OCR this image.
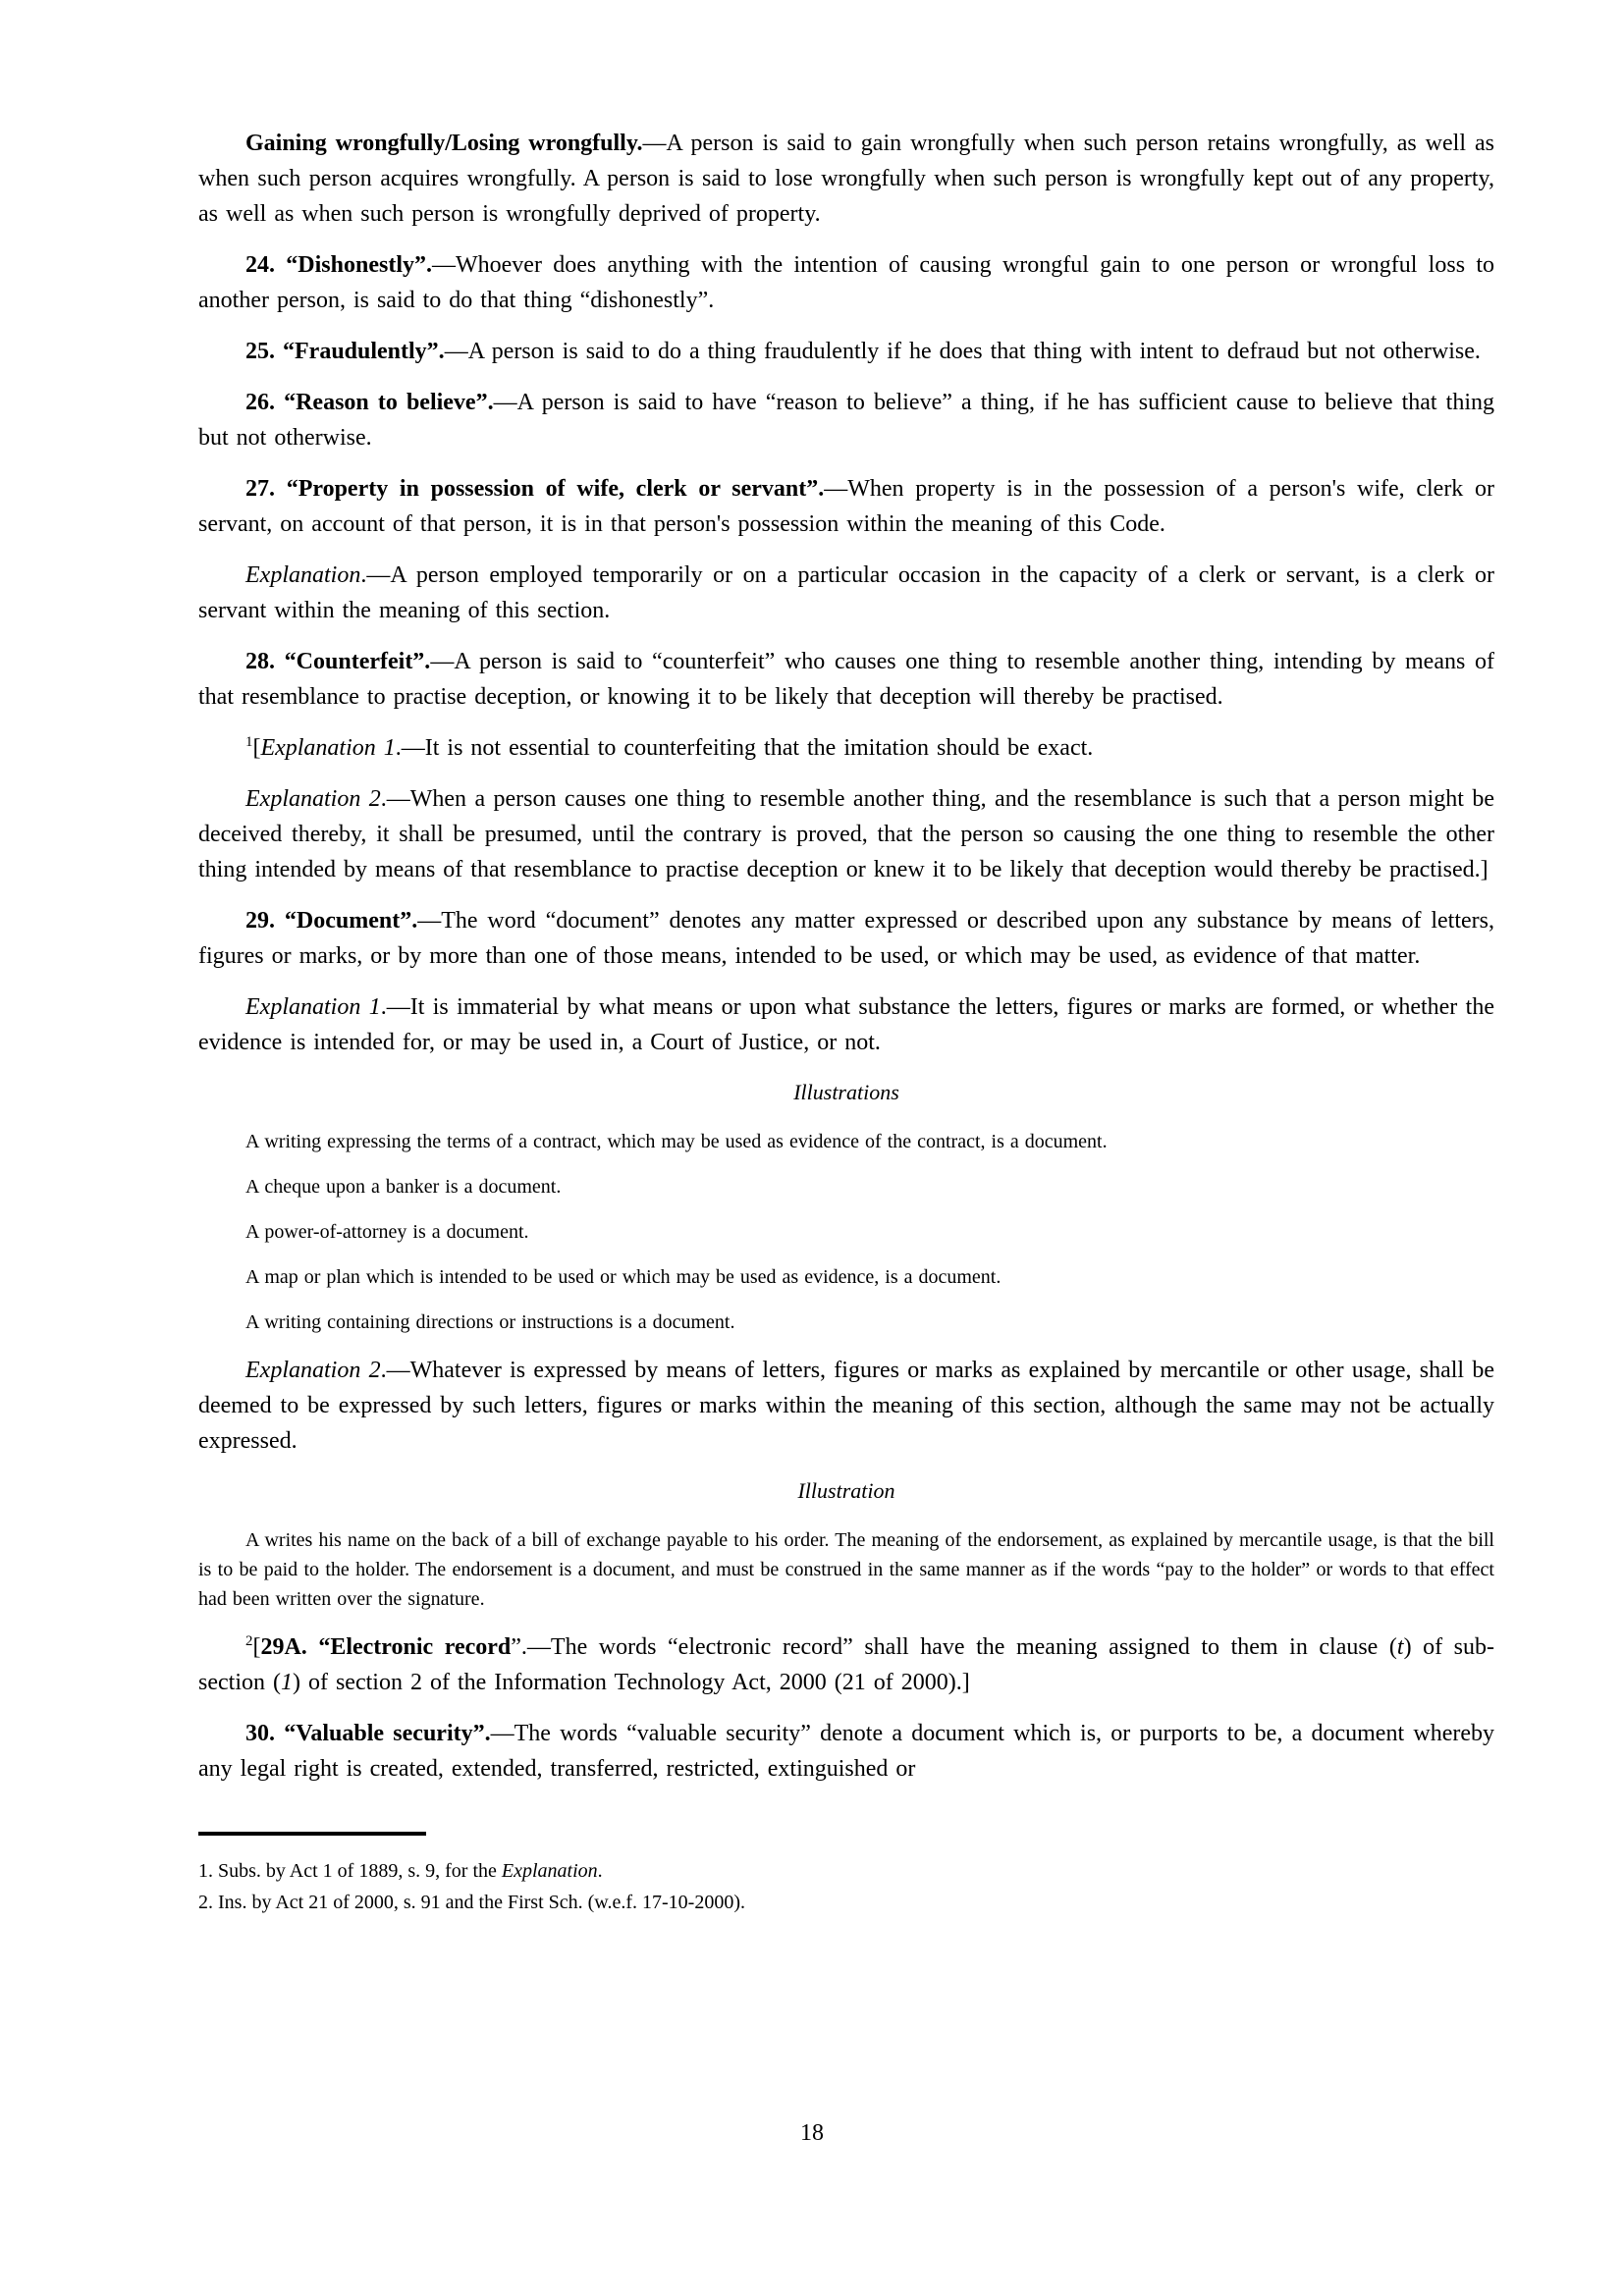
Gaining wrongfully/Losing wrongfully.—A person is said to gain wrongfully when such person retains wrongfully, as well as when such person acquires wrongfully. A person is said to lose wrongfully when such person is wrongfully kept out of any property, as well as when such person is wrongfully deprived of property.

24. “Dishonestly”.—Whoever does anything with the intention of causing wrongful gain to one person or wrongful loss to another person, is said to do that thing “dishonestly”.

25. “Fraudulently”.—A person is said to do a thing fraudulently if he does that thing with intent to defraud but not otherwise.

26. “Reason to believe”.—A person is said to have “reason to believe” a thing, if he has sufficient cause to believe that thing but not otherwise.

27. “Property in possession of wife, clerk or servant”.—When property is in the possession of a person's wife, clerk or servant, on account of that person, it is in that person's possession within the meaning of this Code.

Explanation.—A person employed temporarily or on a particular occasion in the capacity of a clerk or servant, is a clerk or servant within the meaning of this section.

28. “Counterfeit”.—A person is said to “counterfeit” who causes one thing to resemble another thing, intending by means of that resemblance to practise deception, or knowing it to be likely that deception will thereby be practised.

$^1$[Explanation 1.—It is not essential to counterfeiting that the imitation should be exact.

Explanation 2.—When a person causes one thing to resemble another thing, and the resemblance is such that a person might be deceived thereby, it shall be presumed, until the contrary is proved, that the person so causing the one thing to resemble the other thing intended by means of that resemblance to practise deception or knew it to be likely that deception would thereby be practised.]

29. “Document”.—The word “document” denotes any matter expressed or described upon any substance by means of letters, figures or marks, or by more than one of those means, intended to be used, or which may be used, as evidence of that matter.

Explanation 1.—It is immaterial by what means or upon what substance the letters, figures or marks are formed, or whether the evidence is intended for, or may be used in, a Court of Justice, or not.

Illustrations

A writing expressing the terms of a contract, which may be used as evidence of the contract, is a document.

A cheque upon a banker is a document.

A power-of-attorney is a document.

A map or plan which is intended to be used or which may be used as evidence, is a document.

A writing containing directions or instructions is a document.

Explanation 2.—Whatever is expressed by means of letters, figures or marks as explained by mercantile or other usage, shall be deemed to be expressed by such letters, figures or marks within the meaning of this section, although the same may not be actually expressed.

Illustration

A writes his name on the back of a bill of exchange payable to his order. The meaning of the endorsement, as explained by mercantile usage, is that the bill is to be paid to the holder. The endorsement is a document, and must be construed in the same manner as if the words “pay to the holder” or words to that effect had been written over the signature.

$^2$[29A. “Electronic record”.—The words “electronic record” shall have the meaning assigned to them in clause (t) of sub-section (1) of section 2 of the Information Technology Act, 2000 (21 of 2000).]

30. “Valuable security”.—The words “valuable security” denote a document which is, or purports to be, a document whereby any legal right is created, extended, transferred, restricted, extinguished or

1. Subs. by Act 1 of 1889, s. 9, for the Explanation.

2. Ins. by Act 21 of 2000, s. 91 and the First Sch. (w.e.f. 17-10-2000).

18
